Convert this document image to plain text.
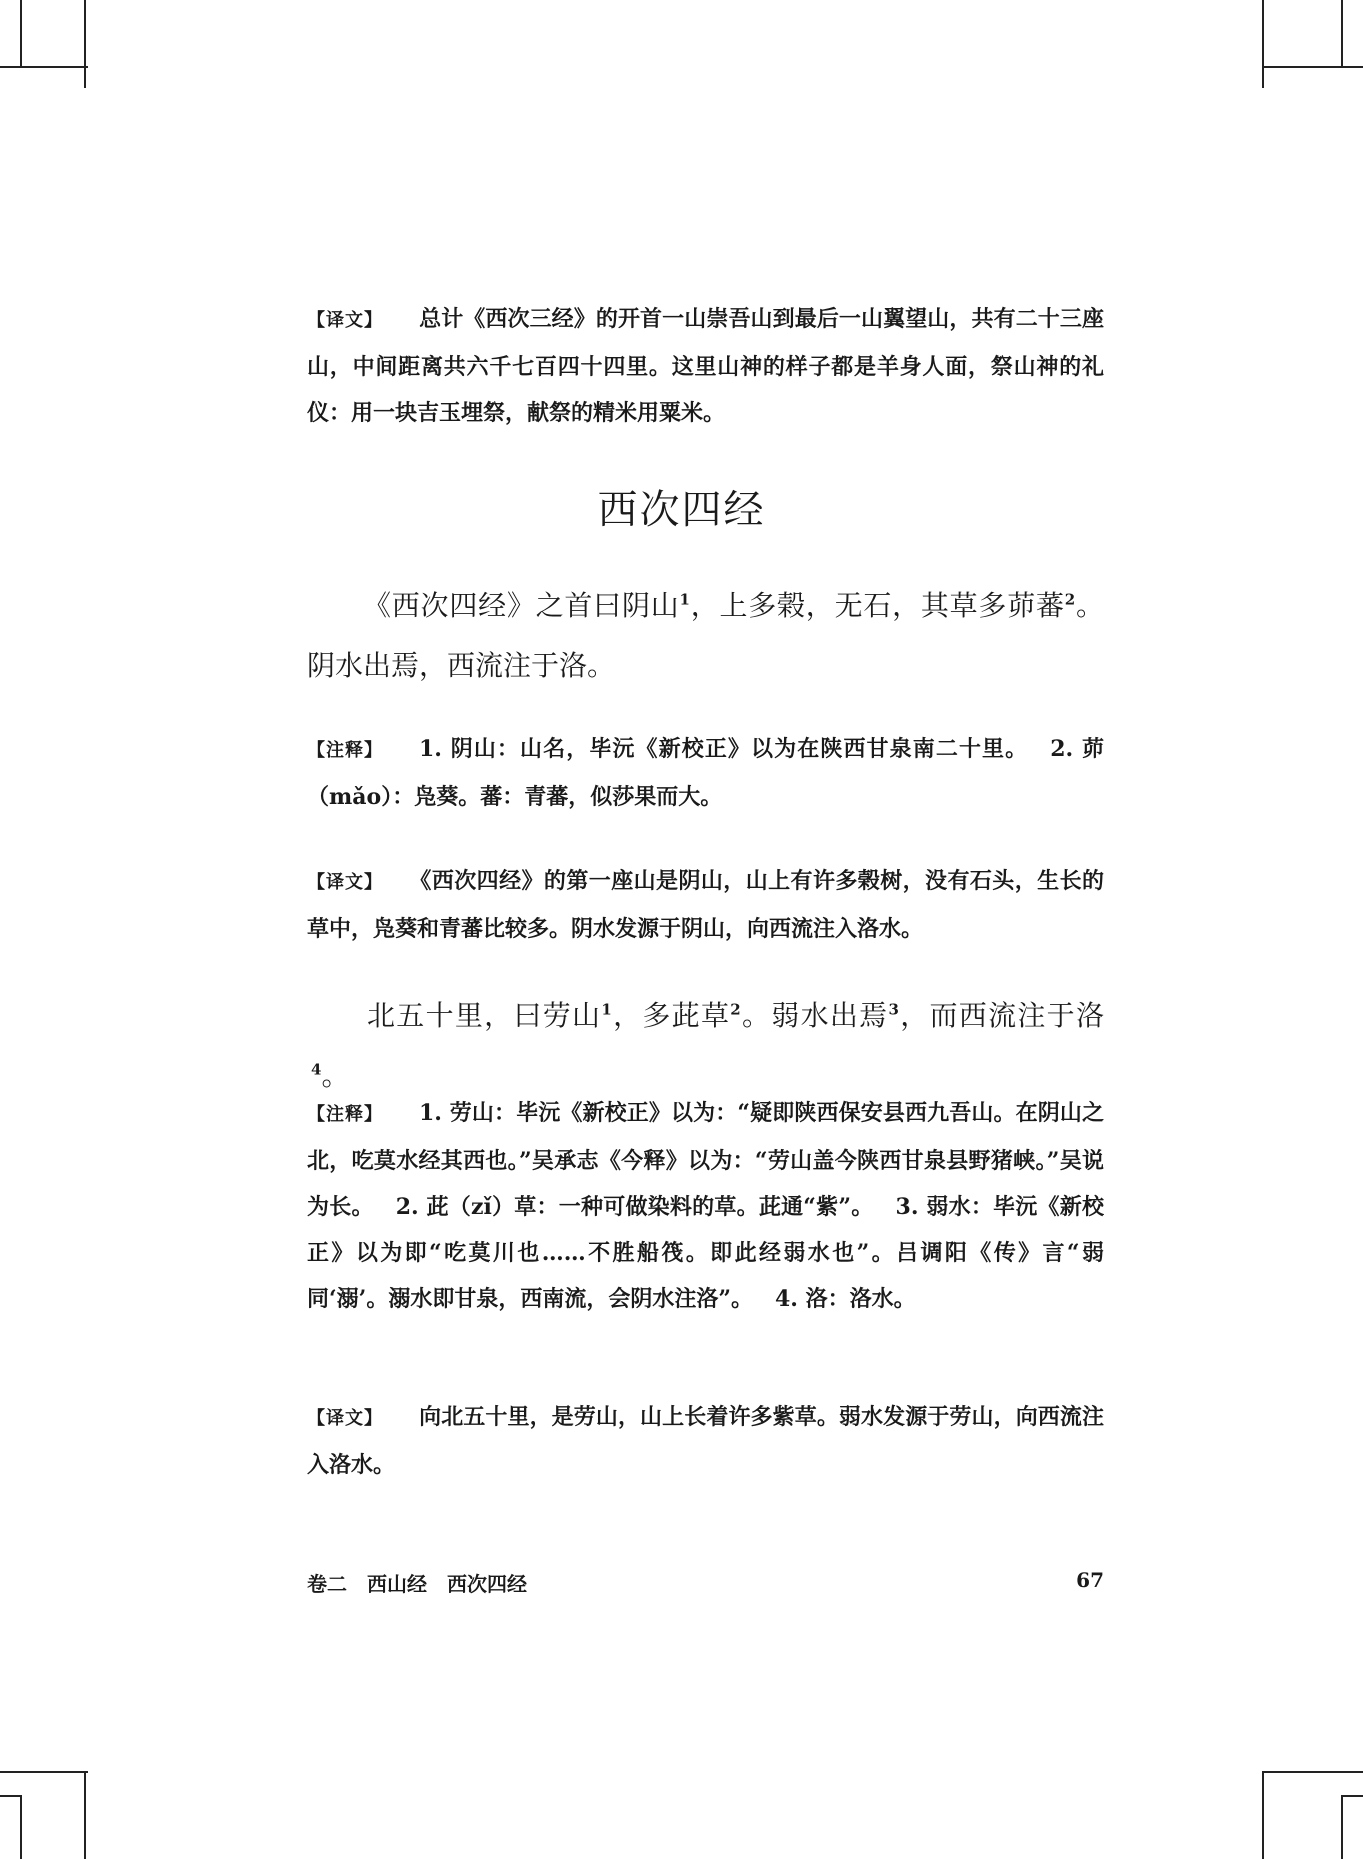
【译文】 总计《西次三经》的开首一山崇吾山到最后一山翼望山，共有二十三座山，中间距离共六千七百四十四里。这里山神的样子都是羊身人面，祭山神的礼仪：用一块吉玉埋祭，献祭的精米用粟米。
西次四经
《西次四经》之首曰阴山$^1$，上多榖，无石，其草多茆蕃$^2$。阴水出焉，西流注于洛。
【注释】 1. 阴山：山名，毕沅《新校正》以为在陕西甘泉南二十里。 2. 茆（mǎo）：凫葵。蕃：青蕃，似莎果而大。
【译文】 《西次四经》的第一座山是阴山，山上有许多榖树，没有石头，生长的草中，凫葵和青蕃比较多。阴水发源于阴山，向西流注入洛水。
北五十里，曰劳山$^1$，多茈草$^2$。弱水出焉$^3$，而西流注于洛$^4$。
【注释】 1. 劳山：毕沅《新校正》以为：“疑即陕西保安县西九吾山。在阴山之北，吃莫水经其西也。”吴承志《今释》以为：“劳山盖今陕西甘泉县野猪峡。”吴说为长。 2. 茈（zǐ）草：一种可做染料的草。茈通“紫”。 3. 弱水：毕沅《新校正》以为即“吃莫川也……不胜船筏。即此经弱水也”。吕调阳《传》言“弱同‘溺’。溺水即甘泉，西南流，会阴水注洛”。 4. 洛：洛水。
【译文】 向北五十里，是劳山，山上长着许多紫草。弱水发源于劳山，向西流注入洛水。
卷二　西山经　西次四经	67
